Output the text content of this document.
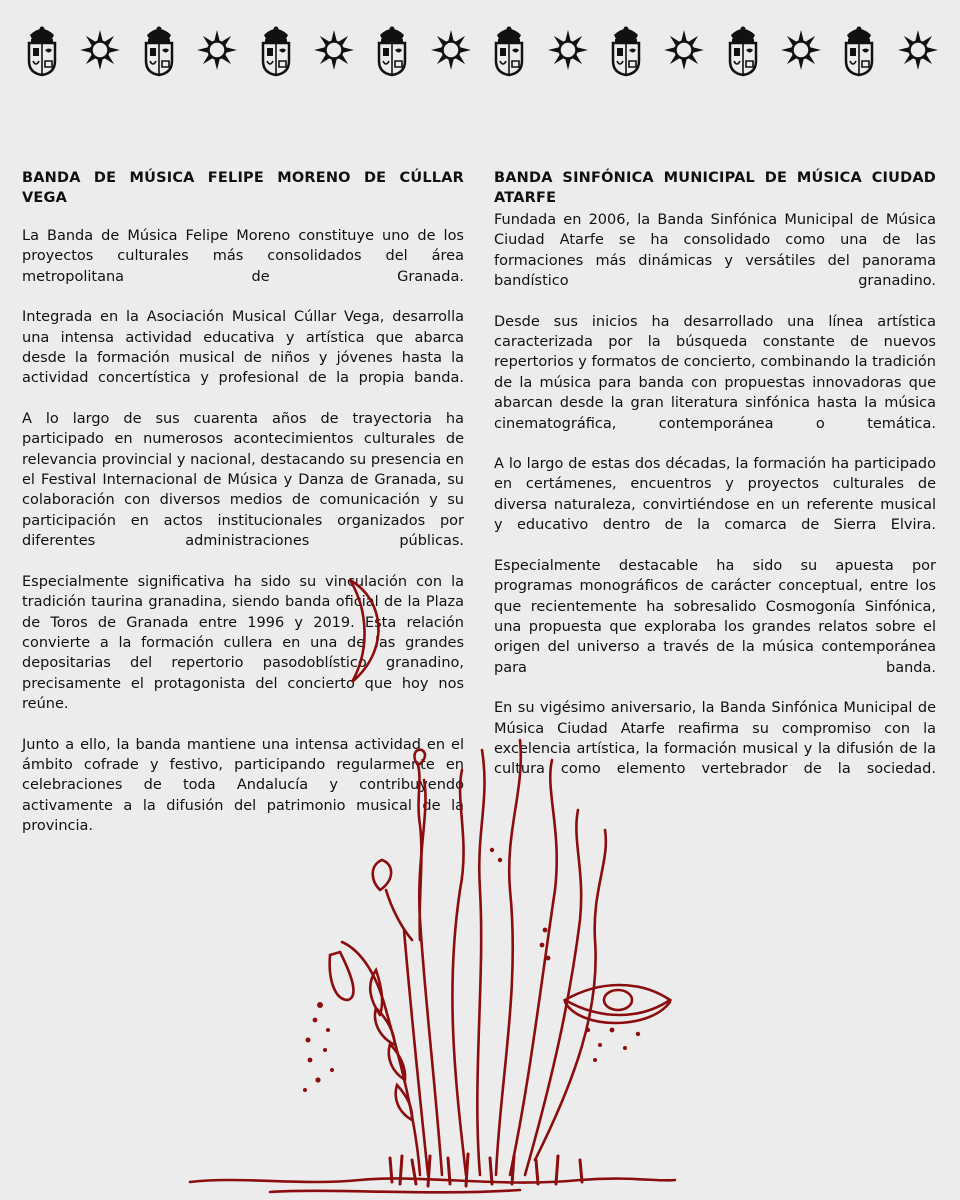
BANDA DE MÚSICA FELIPE MORENO DE CÚLLAR VEGA

La Banda de Música Felipe Moreno constituye uno de los proyectos culturales más consolidados del área metropolitana de Granada.

Integrada en la Asociación Musical Cúllar Vega, desarrolla una intensa actividad educativa y artística que abarca desde la formación musical de niños y jóvenes hasta la actividad concertística y profesional de la propia banda.

A lo largo de sus cuarenta años de trayectoria ha participado en numerosos acontecimientos culturales de relevancia provincial y nacional, destacando su presencia en el Festival Internacional de Música y Danza de Granada, su colaboración con diversos medios de comunicación y su participación en actos institucionales organizados por diferentes administraciones públicas.

Especialmente significativa ha sido su vinculación con la tradición taurina granadina, siendo banda oficial de la Plaza de Toros de Granada entre 1996 y 2019. Esta relación convierte a la formación cullera en una de las grandes depositarias del repertorio pasodoblístico granadino, precisamente el protagonista del concierto que hoy nos reúne.

Junto a ello, la banda mantiene una intensa actividad en el ámbito cofrade y festivo, participando regularmente en celebraciones de toda Andalucía y contribuyendo activamente a la difusión del patrimonio musical de la provincia.

BANDA SINFÓNICA MUNICIPAL DE MÚSICA CIUDAD ATARFE

Fundada en 2006, la Banda Sinfónica Municipal de Música Ciudad Atarfe se ha consolidado como una de las formaciones más dinámicas y versátiles del panorama bandístico granadino.

Desde sus inicios ha desarrollado una línea artística caracterizada por la búsqueda constante de nuevos repertorios y formatos de concierto, combinando la tradición de la música para banda con propuestas innovadoras que abarcan desde la gran literatura sinfónica hasta la música cinematográfica, contemporánea o temática.

A lo largo de estas dos décadas, la formación ha participado en certámenes, encuentros y proyectos culturales de diversa naturaleza, convirtiéndose en un referente musical y educativo dentro de la comarca de Sierra Elvira.

Especialmente destacable ha sido su apuesta por programas monográficos de carácter conceptual, entre los que recientemente ha sobresalido Cosmogonía Sinfónica, una propuesta que exploraba los grandes relatos sobre el origen del universo a través de la música contemporánea para banda.

En su vigésimo aniversario, la Banda Sinfónica Municipal de Música Ciudad Atarfe reafirma su compromiso con la excelencia artística, la formación musical y la difusión de la cultura como elemento vertebrador de la sociedad.
